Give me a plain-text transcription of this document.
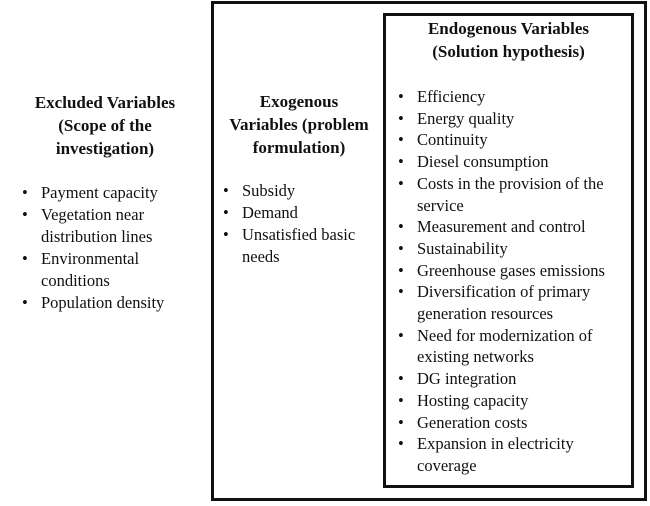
Excluded Variables
(Scope of the
investigation)
• Payment capacity
• Vegetation near distribution lines
• Environmental conditions
• Population density
Exogenous
Variables (problem
formulation)
• Subsidy
• Demand
• Unsatisfied basic needs
Endogenous Variables
(Solution hypothesis)
• Efficiency
• Energy quality
• Continuity
• Diesel consumption
• Costs in the provision of the service
• Measurement and control
• Sustainability
• Greenhouse gases emissions
• Diversification of primary generation resources
• Need for modernization of existing networks
• DG integration
• Hosting capacity
• Generation costs
• Expansion in electricity coverage
